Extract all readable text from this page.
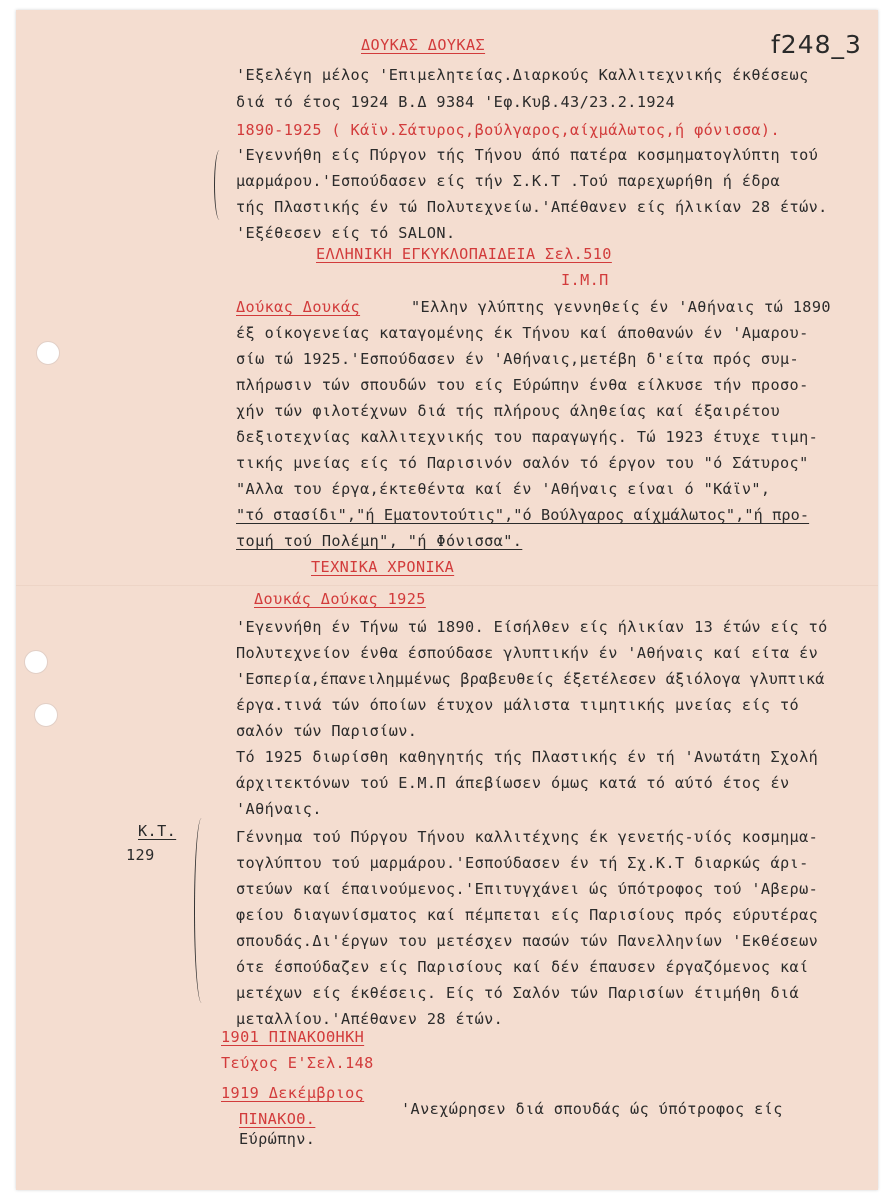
f248_3
ΔΟΥΚΑΣ ΔΟΥΚΑΣ
'Εξελέγη μέλος 'Επιμελητείας.Διαρκούς Καλλιτεχνικής έκθέσεως
διά τό έτος 1924 Β.Δ 9384 'Εφ.Κυβ.43/23.2.1924
1890-1925 ( Κάϊν.Σάτυρος,βούλγαρος,αίχμάλωτος,ή φόνισσα).
'Εγεννήθη είς Πύργον τής Τήνου άπό πατέρα κοσμηματογλύπτη τού
μαρμάρου.'Εσπούδασεν είς τήν Σ.Κ.Τ .Τού παρεχωρήθη ή έδρα
τής Πλαστικής έν τώ Πολυτεχνείω.'Απέθανεν είς ήλικίαν 28 έτών.
'Εξέθεσεν είς τό SALON.
ΕΛΛΗΝΙΚΗ ΕΓΚΥΚΛΟΠΑΙΔΕΙΑ Σελ.510
Ι.Μ.Π
Δούκας Δουκάς	"Ελλην γλύπτης γεννηθείς έν 'Αθήναις τώ 1890
έξ οίκογενείας καταγομένης έκ Τήνου καί άποθανών έν 'Αμαρου-
σίω τώ 1925.'Εσπούδασεν έν 'Αθήναις,μετέβη δ'είτα πρός συμ-
πλήρωσιν τών σπουδών του είς Εύρώπην ένθα είλκυσε τήν προσο-
χήν τών φιλοτέχνων διά τής πλήρους άληθείας καί έξαιρέτου
δεξιοτεχνίας καλλιτεχνικής του παραγωγής. Τώ 1923 έτυχε τιμη-
τικής μνείας είς τό Παρισινόν σαλόν τό έργον του "ό Σάτυρος"
"Αλλα του έργα,έκτεθέντα καί έν 'Αθήναις είναι ό "Κάϊν",
"τό στασίδι","ή Εματοντούτις","ό Βούλγαρος αίχμάλωτος","ή προ-
τομή τού Πολέμη", "ή Φόνισσα".
ΤΕΧΝΙΚΑ ΧΡΟΝΙΚΑ
Δουκάς Δούκας 1925
'Εγεννήθη έν Τήνω τώ 1890. Είσήλθεν είς ήλικίαν 13 έτών είς τό
Πολυτεχνείον ένθα έσπούδασε γλυπτικήν έν 'Αθήναις καί είτα έν
'Εσπερία,έπανειλημμένως βραβευθείς έξετέλεσεν άξιόλογα γλυπτικά
έργα.τινά τών όποίων έτυχον μάλιστα τιμητικής μνείας είς τό
σαλόν τών Παρισίων.
Τό 1925 διωρίσθη καθηγητής τής Πλαστικής έν τή 'Ανωτάτη Σχολή
άρχιτεκτόνων τού Ε.Μ.Π άπεβίωσεν όμως κατά τό αύτό έτος έν
'Αθήναις.
Κ.Τ.
129
Γέννημα τού Πύργου Τήνου καλλιτέχνης έκ γενετής-υίός κοσμημα-
τογλύπτου τού μαρμάρου.'Εσπούδασεν έν τή Σχ.Κ.Τ διαρκώς άρι-
στεύων καί έπαινούμενος.'Επιτυγχάνει ώς ύπότροφος τού 'Αβερω-
φείου διαγωνίσματος καί πέμπεται είς Παρισίους πρός εύρυτέρας
σπουδάς.Δι'έργων του μετέσχεν πασών τών Πανελληνίων 'Εκθέσεων
ότε έσπούδαζεν είς Παρισίους καί δέν έπαυσεν έργαζόμενος καί
μετέχων είς έκθέσεις. Είς τό Σαλόν τών Παρισίων έτιμήθη διά
μεταλλίου.'Απέθανεν 28 έτών.
1901 ΠΙΝΑΚΟΘΗΚΗ
Τεύχος Ε'Σελ.148
1919 Δεκέμβριος
'Ανεχώρησεν διά σπουδάς ώς ύπότροφος είς
ΠΙΝΑΚΟΘ.
Εύρώπην.
